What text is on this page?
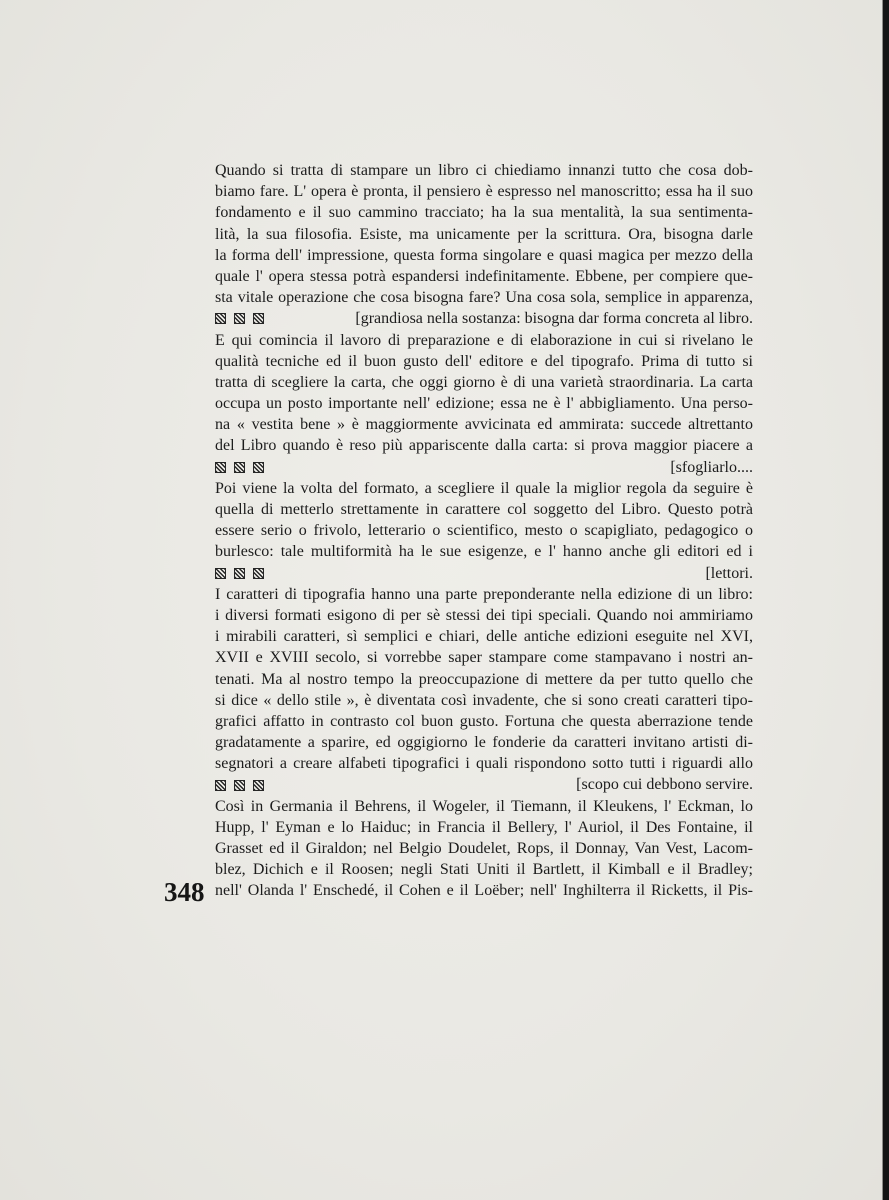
Quando si tratta di stampare un libro ci chiediamo innanzi tutto che cosa dob-
biamo fare. L' opera è pronta, il pensiero è espresso nel manoscritto; essa ha il suo
fondamento e il suo cammino tracciato; ha la sua mentalità, la sua sentimenta-
lità, la sua filosofia. Esiste, ma unicamente per la scrittura. Ora, bisogna darle
la forma dell' impressione, questa forma singolare e quasi magica per mezzo della
quale l' opera stessa potrà espandersi indefinitamente. Ebbene, per compiere que-
sta vitale operazione che cosa bisogna fare? Una cosa sola, semplice in apparenza,
[grandiosa nella sostanza: bisogna dar forma concreta al libro.
E qui comincia il lavoro di preparazione e di elaborazione in cui si rivelano le
qualità tecniche ed il buon gusto dell' editore e del tipografo. Prima di tutto si
tratta di scegliere la carta, che oggi giorno è di una varietà straordinaria. La carta
occupa un posto importante nell' edizione; essa ne è l' abbigliamento. Una perso-
na « vestita bene » è maggiormente avvicinata ed ammirata: succede altrettanto
del Libro quando è reso più appariscente dalla carta: si prova maggior piacere a
[sfogliarlo....
Poi viene la volta del formato, a scegliere il quale la miglior regola da seguire è
quella di metterlo strettamente in carattere col soggetto del Libro. Questo potrà
essere serio o frivolo, letterario o scientifico, mesto o scapigliato, pedagogico o
burlesco: tale multiformità ha le sue esigenze, e l' hanno anche gli editori ed i
[lettori.
I caratteri di tipografia hanno una parte preponderante nella edizione di un libro:
i diversi formati esigono di per sè stessi dei tipi speciali. Quando noi ammiriamo
i mirabili caratteri, sì semplici e chiari, delle antiche edizioni eseguite nel XVI,
XVII e XVIII secolo, si vorrebbe saper stampare come stampavano i nostri an-
tenati. Ma al nostro tempo la preoccupazione di mettere da per tutto quello che
si dice « dello stile », è diventata così invadente, che si sono creati caratteri tipo-
grafici affatto in contrasto col buon gusto. Fortuna che questa aberrazione tende
gradatamente a sparire, ed oggigiorno le fonderie da caratteri invitano artisti di-
segnatori a creare alfabeti tipografici i quali rispondono sotto tutti i riguardi allo
[scopo cui debbono servire.
Così in Germania il Behrens, il Wogeler, il Tiemann, il Kleukens, l' Eckman, lo
Hupp, l' Eyman e lo Haiduc; in Francia il Bellery, l' Auriol, il Des Fontaine, il
Grasset ed il Giraldon; nel Belgio Doudelet, Rops, il Donnay, Van Vest, Lacom-
blez, Dichich e il Roosen; negli Stati Uniti il Bartlett, il Kimball e il Bradley;
nell' Olanda l' Enschedé, il Cohen e il Loëber; nell' Inghilterra il Ricketts, il Pis-
348
